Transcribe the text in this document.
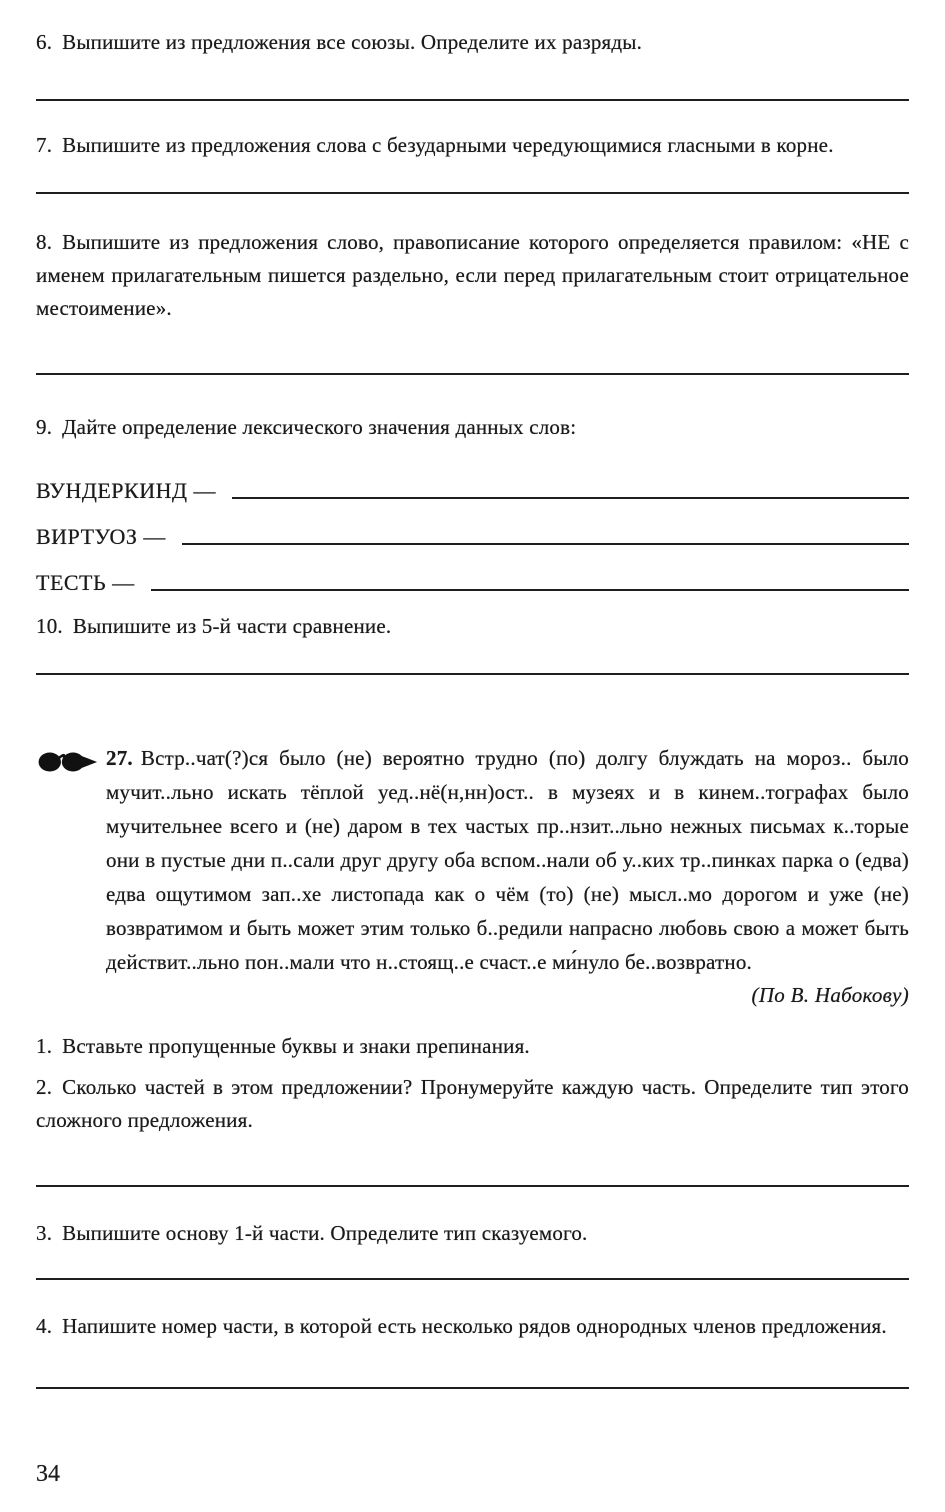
6. Выпишите из предложения все союзы. Определите их разряды.

7. Выпишите из предложения слова с безударными чередующимися гласными в корне.

8. Выпишите из предложения слово, правописание которого определяется правилом: «НЕ с именем прилагательным пишется раздельно, если перед прилагательным стоит отрицательное местоимение».

9. Дайте определение лексического значения данных слов:

ВУНДЕРКИНД —
ВИРТУОЗ —
ТЕСТЬ —

10. Выпишите из 5-й части сравнение.

27. Встр..чат(?)ся было (не) вероятно трудно (по) долгу блуждать на мороз.. было мучит..льно искать тёплой уед..нё(н,нн)ост.. в музеях и в кинем..тографах было мучительнее всего и (не) даром в тех частых пр..нзит..льно нежных письмах к..торые они в пустые дни п..сали друг другу оба вспом..нали об у..ких тр..пинках парка о (едва) едва ощутимом зап..хе листопада как о чём (то) (не) мысл..мо дорогом и уже (не) возвратимом и быть может этим только б..редили напрасно любовь свою а может быть действит..льно пон..мали что н..стоящ..е счаст..е ми́нуло бе..возвратно.

(По В. Набокову)

1. Вставьте пропущенные буквы и знаки препинания.

2. Сколько частей в этом предложении? Пронумеруйте каждую часть. Определите тип этого сложного предложения.

3. Выпишите основу 1-й части. Определите тип сказуемого.

4. Напишите номер части, в которой есть несколько рядов однородных членов предложения.

34
